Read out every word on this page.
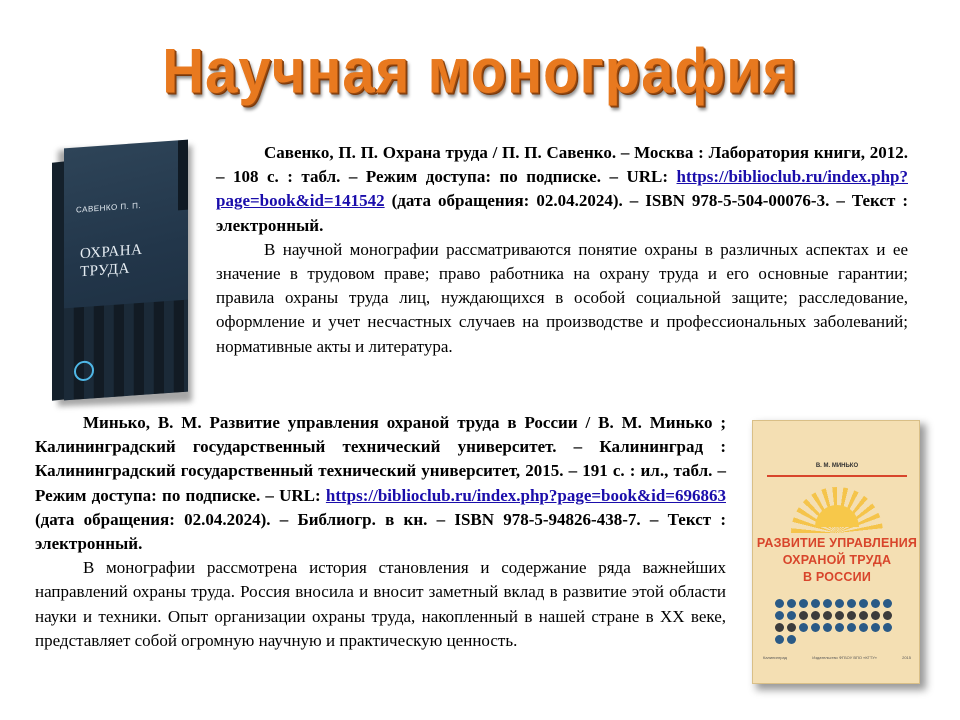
Научная монография
САВЕНКО П. П.
ОХРАНА
ТРУДА

Савенко, П. П. Охрана труда / П. П. Савенко. – Москва : Лаборатория книги, 2012. – 108 с. : табл. – Режим доступа: по подписке. – URL: https://biblioclub.ru/index.php?page=book&id=141542 (дата обращения: 02.04.2024). – ISBN 978-5-504-00076-3. – Текст : электронный.

В научной монографии рассматриваются понятие охраны в различных аспектах и ее значение в трудовом праве; право работника на охрану труда и его основные гарантии; правила охраны труда лиц, нуждающихся в особой социальной защите; расследование, оформление и учет несчастных случаев на производстве и профессиональных заболеваний; нормативные акты и литература.

Минько, В. М. Развитие управления охраной труда в России / В. М. Минько ; Калининградский государственный технический университет. – Калининград : Калининградский государственный технический университет, 2015. – 191 с. : ил., табл. – Режим доступа: по подписке. – URL: https://biblioclub.ru/index.php?page=book&id=696863 (дата обращения: 02.04.2024). – Библиогр. в кн. – ISBN 978-5-94826-438-7. – Текст : электронный.

В монографии рассмотрена история становления и содержание ряда важнейших направлений охраны труда. Россия вносила и вносит заметный вклад в развитие этой области науки и техники. Опыт организации охраны труда, накопленный в нашей стране в XX веке, представляет собой огромную научную и практическую ценность.

В. М. МИНЬКО
РАЗВИТИЕ УПРАВЛЕНИЯ
ОХРАНОЙ ТРУДА
В РОССИИ
Калининград	Издательство ФГБОУ ВПО «КГТУ»	2015
